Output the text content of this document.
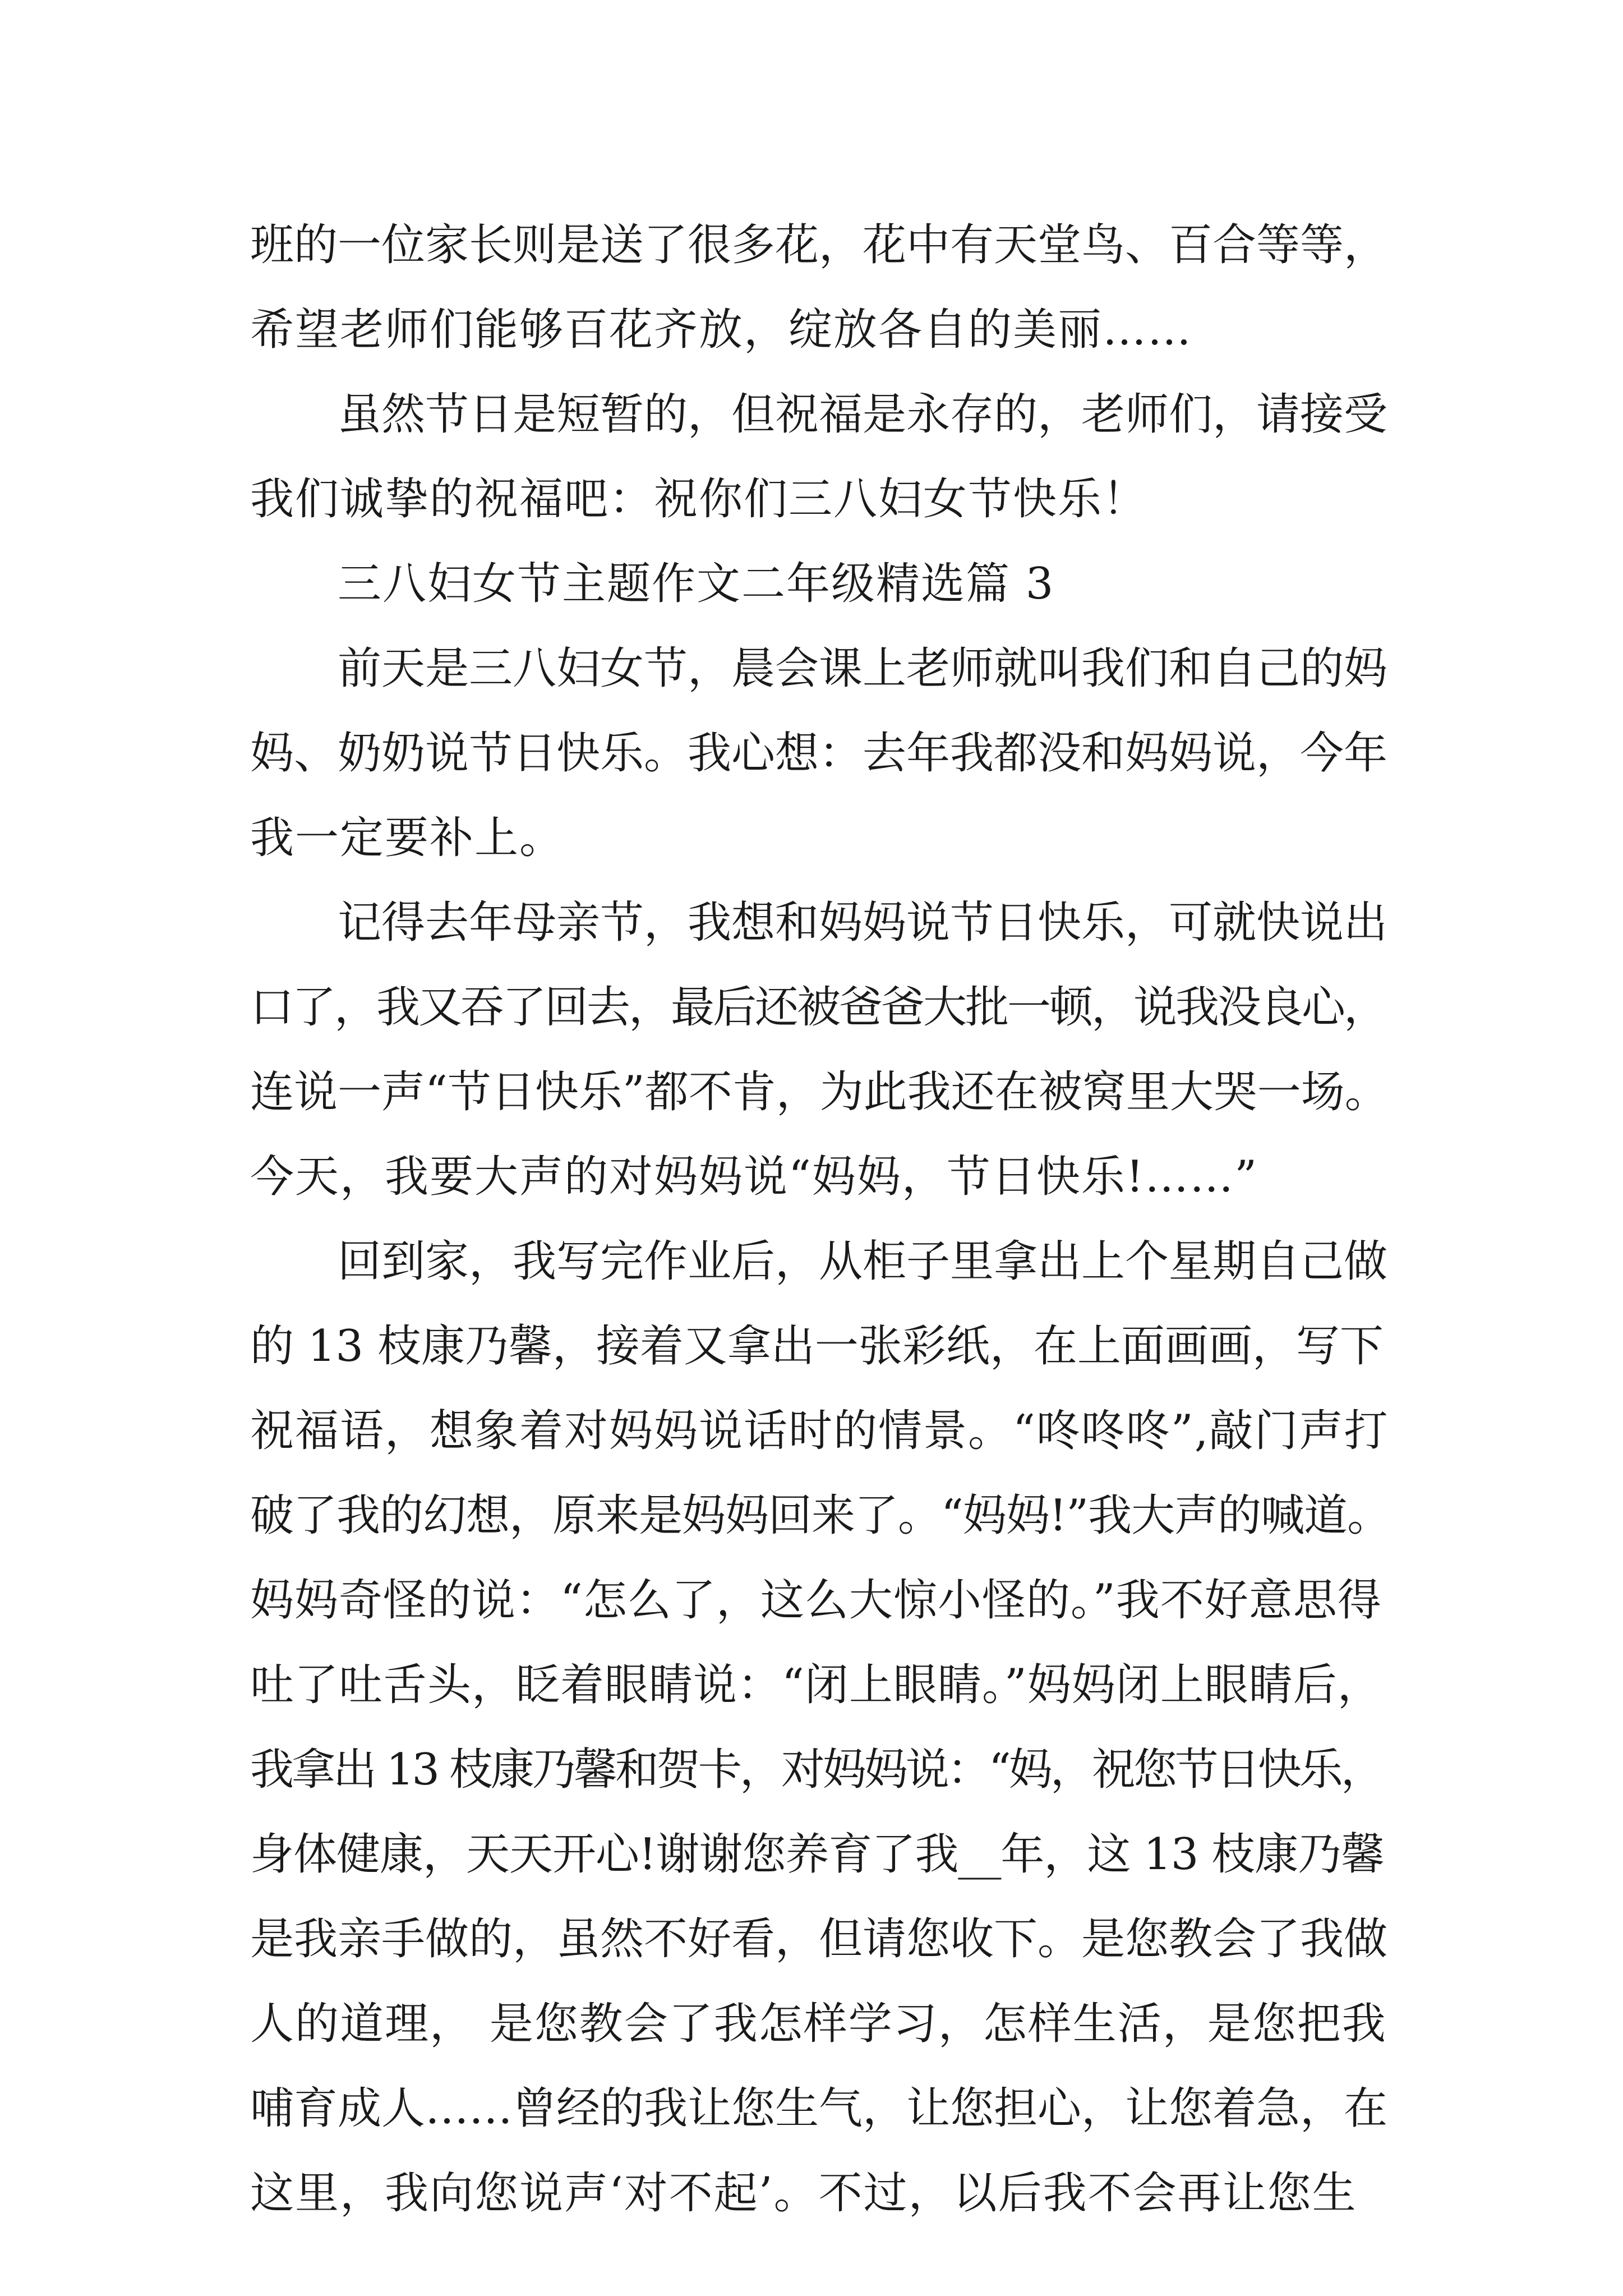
班的一位家长则是送了很多花，花中有天堂鸟、百合等等，
希望老师们能够百花齐放，绽放各自的美丽……
虽然节日是短暂的，但祝福是永存的，老师们，请接受
我们诚挚的祝福吧：祝你们三八妇女节快乐！
三八妇女节主题作文二年级精选篇 3
前天是三八妇女节，晨会课上老师就叫我们和自己的妈
妈、奶奶说节日快乐。我心想：去年我都没和妈妈说，今年
我一定要补上。
记得去年母亲节，我想和妈妈说节日快乐，可就快说出
口了，我又吞了回去，最后还被爸爸大批一顿，说我没良心，
连说一声“节日快乐”都不肯，为此我还在被窝里大哭一场。
今天，我要大声的对妈妈说“妈妈，节日快乐!……”
回到家，我写完作业后，从柜子里拿出上个星期自己做
的 13 枝康乃馨，接着又拿出一张彩纸，在上面画画，写下
祝福语，想象着对妈妈说话时的情景。“咚咚咚”,敲门声打
破了我的幻想，原来是妈妈回来了。“妈妈!”我大声的喊道。
妈妈奇怪的说：“怎么了，这么大惊小怪的。”我不好意思得
吐了吐舌头，眨着眼睛说：“闭上眼睛。”妈妈闭上眼睛后，
我拿出 13 枝康乃馨和贺卡，对妈妈说：“妈，祝您节日快乐，
身体健康，天天开心!谢谢您养育了我__年，这 13 枝康乃馨
是我亲手做的，虽然不好看，但请您收下。是您教会了我做
人的道理， 是您教会了我怎样学习，怎样生活，是您把我
哺育成人……曾经的我让您生气，让您担心，让您着急，在
这里，我向您说声‘对不起’。不过，以后我不会再让您生
